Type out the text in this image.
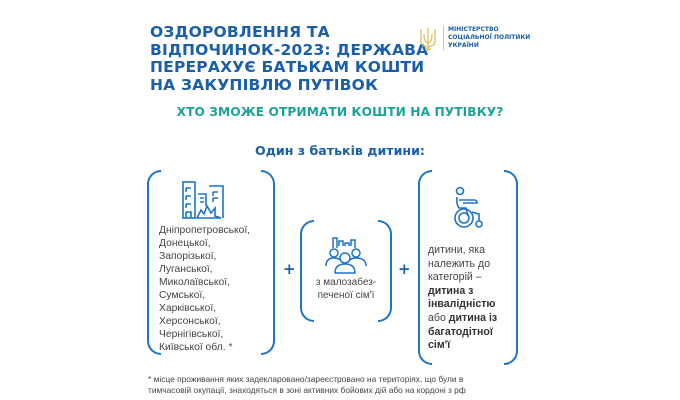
ОЗДОРОВЛЕННЯ ТА
ВІДПОЧИНОК-2023: ДЕРЖАВА
ПЕРЕРАХУЄ БАТЬКАМ КОШТИ
НА ЗАКУПІВЛЮ ПУТІВОК
МІНІСТЕРСТВО
СОЦІАЛЬНОЇ ПОЛІТИКИ
УКРАЇНИ
ХТО ЗМОЖЕ ОТРИМАТИ КОШТИ НА ПУТІВКУ?
Один з батьків дитини:
Дніпропетровської,
Донецької,
Запорізької,
Луганської,
Миколаївської,
Сумської,
Харківської,
Херсонської,
Чернігівської,
Київської обл. *
+
з малозабез-
печеної сім'ї
+
дитини, яка
належить до
категорій –
дитина з
інвалідністю
або дитина із
багатодітної
сім'ї
* місце проживання яких задекларовано/зареєстровано на територіях, що були в
тимчасовій окупації, знаходяться в зоні активних бойових дій або на кордоні з рф
